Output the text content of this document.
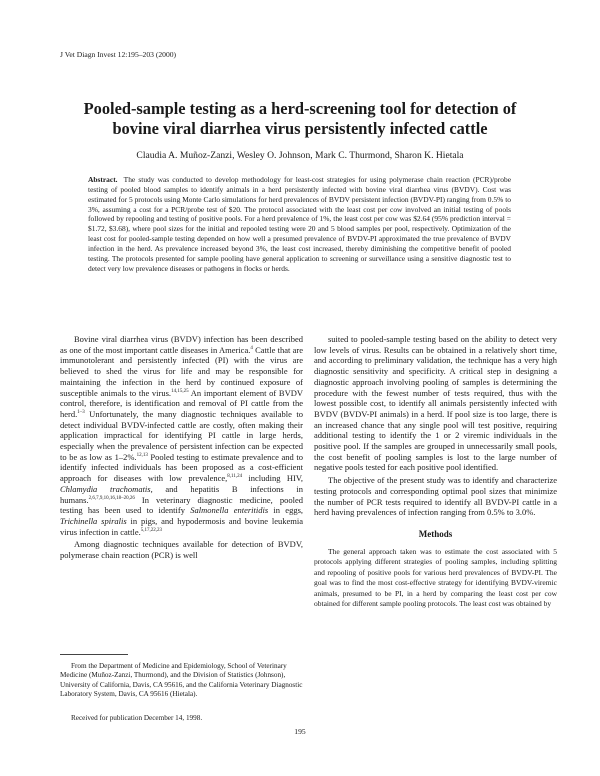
J Vet Diagn Invest 12:195–203 (2000)
Pooled-sample testing as a herd-screening tool for detection of
bovine viral diarrhea virus persistently infected cattle
Claudia A. Muñoz-Zanzi, Wesley O. Johnson, Mark C. Thurmond, Sharon K. Hietala

Abstract. The study was conducted to develop methodology for least-cost strategies for using polymerase chain reaction (PCR)/probe testing of pooled blood samples to identify animals in a herd persistently infected with bovine viral diarrhea virus (BVDV). Cost was estimated for 5 protocols using Monte Carlo simulations for herd prevalences of BVDV persistent infection (BVDV-PI) ranging from 0.5% to 3%, assuming a cost for a PCR/probe test of $20. The protocol associated with the least cost per cow involved an initial testing of pools followed by repooling and testing of positive pools. For a herd prevalence of 1%, the least cost per cow was $2.64 (95% prediction interval = $1.72, $3.68), where pool sizes for the initial and repooled testing were 20 and 5 blood samples per pool, respectively. Optimization of the least cost for pooled-sample testing depended on how well a presumed prevalence of BVDV-PI approximated the true prevalence of BVDV infection in the herd. As prevalence increased beyond 3%, the least cost increased, thereby diminishing the competitive benefit of pooled testing. The protocols presented for sample pooling have general application to screening or surveillance using a sensitive diagnostic test to detect very low prevalence diseases or pathogens in flocks or herds.

Bovine viral diarrhea virus (BVDV) infection has been described as one of the most important cattle diseases in America.$^4$ Cattle that are immunotolerant and persistently infected (PI) with the virus are believed to shed the virus for life and may be responsible for maintaining the infection in the herd by continued exposure of susceptible animals to the virus.$^{14,15,25}$ An important element of BVDV control, therefore, is identification and removal of PI cattle from the herd.$^{1-3}$ Unfortunately, the many diagnostic techniques available to detect individual BVDV-infected cattle are costly, often making their application impractical for identifying PI cattle in large herds, especially when the prevalence of persistent infection can be expected to be as low as 1–2%.$^{12,13}$ Pooled testing to estimate prevalence and to identify infected individuals has been proposed as a cost-efficient approach for diseases with low prevalence,$^{8,11,24}$ including HIV, Chlamydia trachomatis, and hepatitis B infections in humans.$^{2,6,7,9,10,16,18-20,26}$ In veterinary diagnostic medicine, pooled testing has been used to identify Salmonella enteritidis in eggs, Trichinella spiralis in pigs, and hypodermosis and bovine leukemia virus infection in cattle.$^{5,17,22,23}$

Among diagnostic techniques available for detection of BVDV, polymerase chain reaction (PCR) is well

From the Department of Medicine and Epidemiology, School of Veterinary Medicine (Muñoz-Zanzi, Thurmond), and the Division of Statistics (Johnson), University of California, Davis, CA 95616, and the California Veterinary Diagnostic Laboratory System, Davis, CA 95616 (Hietala).

Received for publication December 14, 1998.

suited to pooled-sample testing based on the ability to detect very low levels of virus. Results can be obtained in a relatively short time, and according to preliminary validation, the technique has a very high diagnostic sensitivity and specificity. A critical step in designing a diagnostic approach involving pooling of samples is determining the procedure with the fewest number of tests required, thus with the lowest possible cost, to identify all animals persistently infected with BVDV (BVDV-PI animals) in a herd. If pool size is too large, there is an increased chance that any single pool will test positive, requiring additional testing to identify the 1 or 2 viremic individuals in the positive pool. If the samples are grouped in unnecessarily small pools, the cost benefit of pooling samples is lost to the large number of negative pools tested for each positive pool identified.

The objective of the present study was to identify and characterize testing protocols and corresponding optimal pool sizes that minimize the number of PCR tests required to identify all BVDV-PI cattle in a herd having prevalences of infection ranging from 0.5% to 3.0%.

Methods

The general approach taken was to estimate the cost associated with 5 protocols applying different strategies of pooling samples, including splitting and repooling of positive pools for various herd prevalences of BVDV-PI. The goal was to find the most cost-effective strategy for identifying BVDV-viremic animals, presumed to be PI, in a herd by comparing the least cost per cow obtained for different sample pooling protocols. The least cost was obtained by

195
